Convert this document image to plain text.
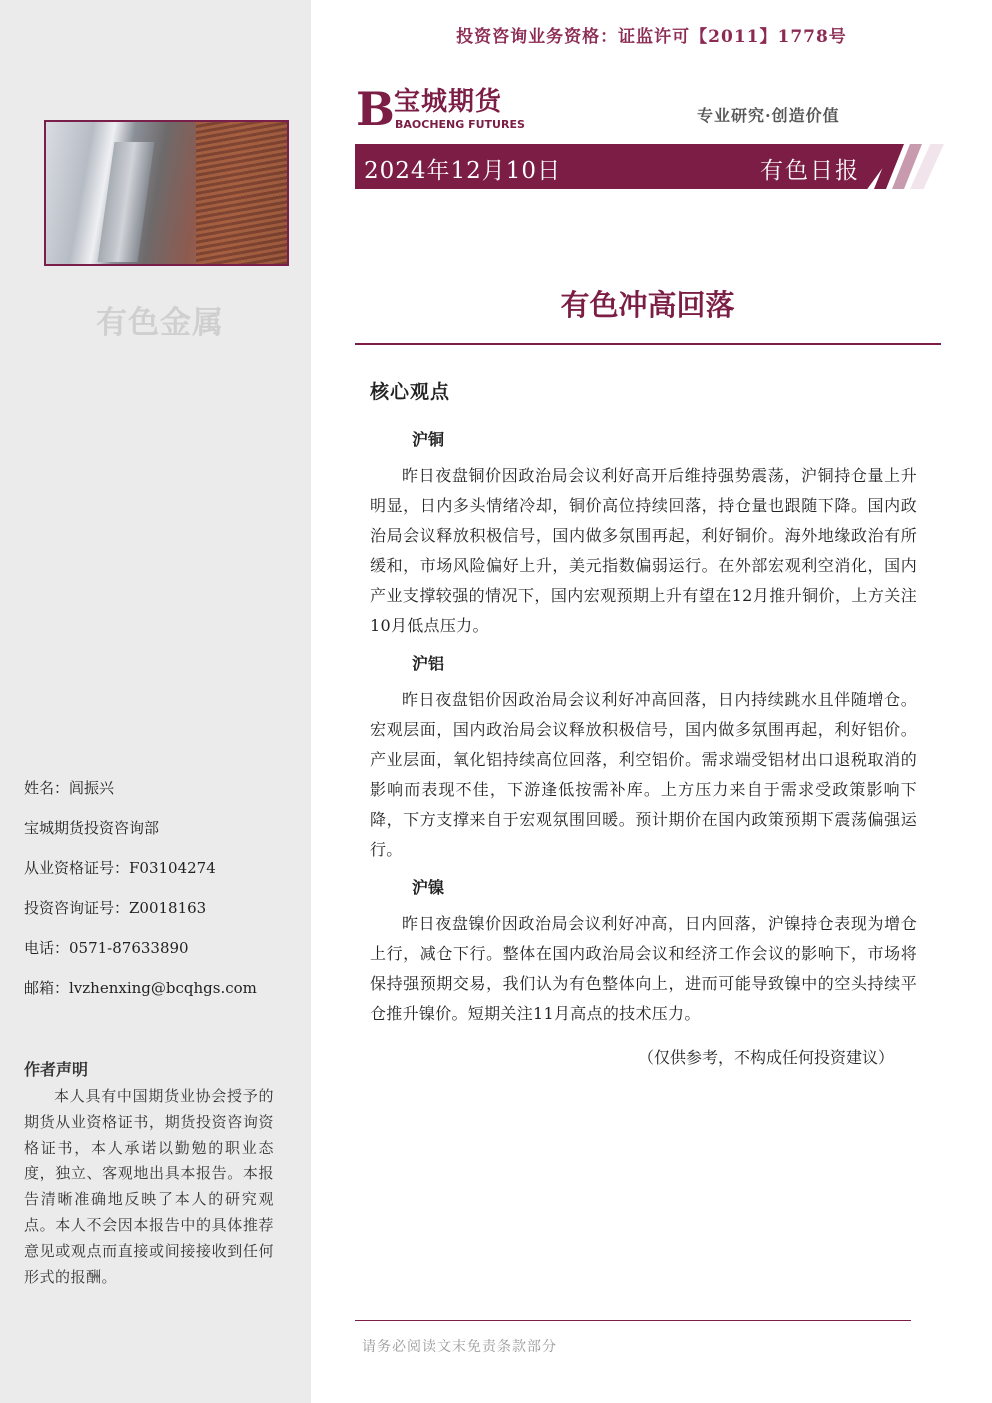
有色金属
姓名：闾振兴
宝城期货投资咨询部
从业资格证号：F03104274
投资咨询证号：Z0018163
电话：0571-87633890
邮箱：lvzhenxing@bcqhgs.com
作者声明
本人具有中国期货业协会授予的期货从业资格证书，期货投资咨询资格证书，本人承诺以勤勉的职业态度，独立、客观地出具本报告。本报告清晰准确地反映了本人的研究观点。本人不会因本报告中的具体推荐意见或观点而直接或间接接收到任何形式的报酬。
投资咨询业务资格：证监许可【2011】1778号
B 宝城期货
BAOCHENG FUTURES	专业研究·创造价值
2024年12月10日	有色日报
有色冲高回落
核心观点
沪铜
昨日夜盘铜价因政治局会议利好高开后维持强势震荡，沪铜持仓量上升明显，日内多头情绪冷却，铜价高位持续回落，持仓量也跟随下降。国内政治局会议释放积极信号，国内做多氛围再起，利好铜价。海外地缘政治有所缓和，市场风险偏好上升，美元指数偏弱运行。在外部宏观利空消化，国内产业支撑较强的情况下，国内宏观预期上升有望在12月推升铜价，上方关注10月低点压力。
沪铝
昨日夜盘铝价因政治局会议利好冲高回落，日内持续跳水且伴随增仓。宏观层面，国内政治局会议释放积极信号，国内做多氛围再起，利好铝价。产业层面，氧化铝持续高位回落，利空铝价。需求端受铝材出口退税取消的影响而表现不佳，下游逢低按需补库。上方压力来自于需求受政策影响下降，下方支撑来自于宏观氛围回暖。预计期价在国内政策预期下震荡偏强运行。
沪镍
昨日夜盘镍价因政治局会议利好冲高，日内回落，沪镍持仓表现为增仓上行，减仓下行。整体在国内政治局会议和经济工作会议的影响下，市场将保持强预期交易，我们认为有色整体向上，进而可能导致镍中的空头持续平仓推升镍价。短期关注11月高点的技术压力。
（仅供参考，不构成任何投资建议）
请务必阅读文末免责条款部分
